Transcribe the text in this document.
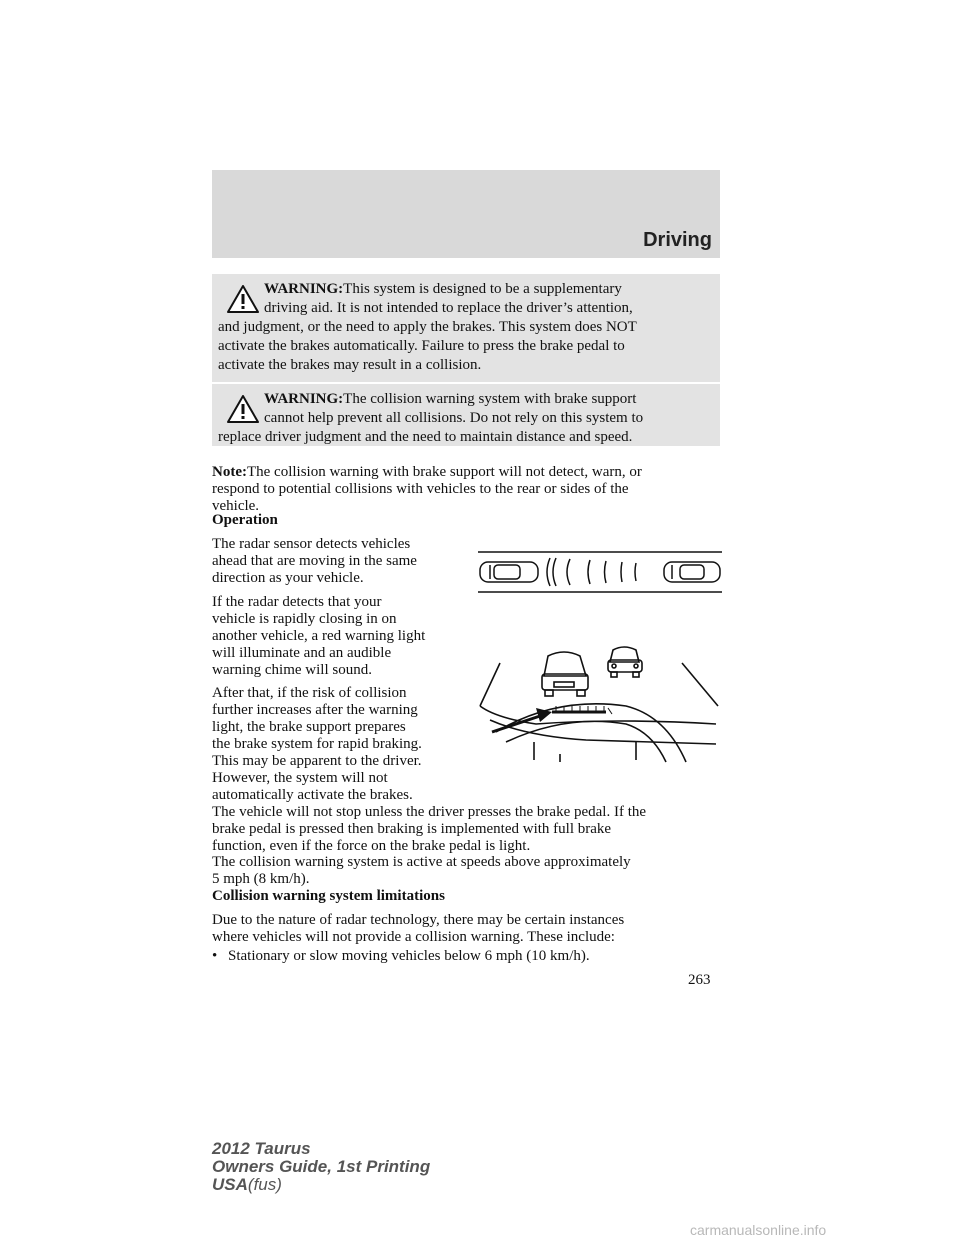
Driving
WARNING:This system is designed to be a supplementary
driving aid. It is not intended to replace the driver’s attention,
and judgment, or the need to apply the brakes. This system does NOT
activate the brakes automatically. Failure to press the brake pedal to
activate the brakes may result in a collision.
WARNING:The collision warning system with brake support
cannot help prevent all collisions. Do not rely on this system to
replace driver judgment and the need to maintain distance and speed.
Note:The collision warning with brake support will not detect, warn, or
respond to potential collisions with vehicles to the rear or sides of the
vehicle.
Operation
The radar sensor detects vehicles
ahead that are moving in the same
direction as your vehicle.
If the radar detects that your
vehicle is rapidly closing in on
another vehicle, a red warning light
will illuminate and an audible
warning chime will sound.
After that, if the risk of collision
further increases after the warning
light, the brake support prepares
the brake system for rapid braking.
This may be apparent to the driver.
However, the system will not
automatically activate the brakes.
The vehicle will not stop unless the driver presses the brake pedal. If the
brake pedal is pressed then braking is implemented with full brake
function, even if the force on the brake pedal is light.
The collision warning system is active at speeds above approximately
5 mph (8 km/h).
Collision warning system limitations
Due to the nature of radar technology, there may be certain instances
where vehicles will not provide a collision warning. These include:
• Stationary or slow moving vehicles below 6 mph (10 km/h).
263
2012 Taurus
Owners Guide, 1st Printing
USA(fus)
carmanualsonline.info
